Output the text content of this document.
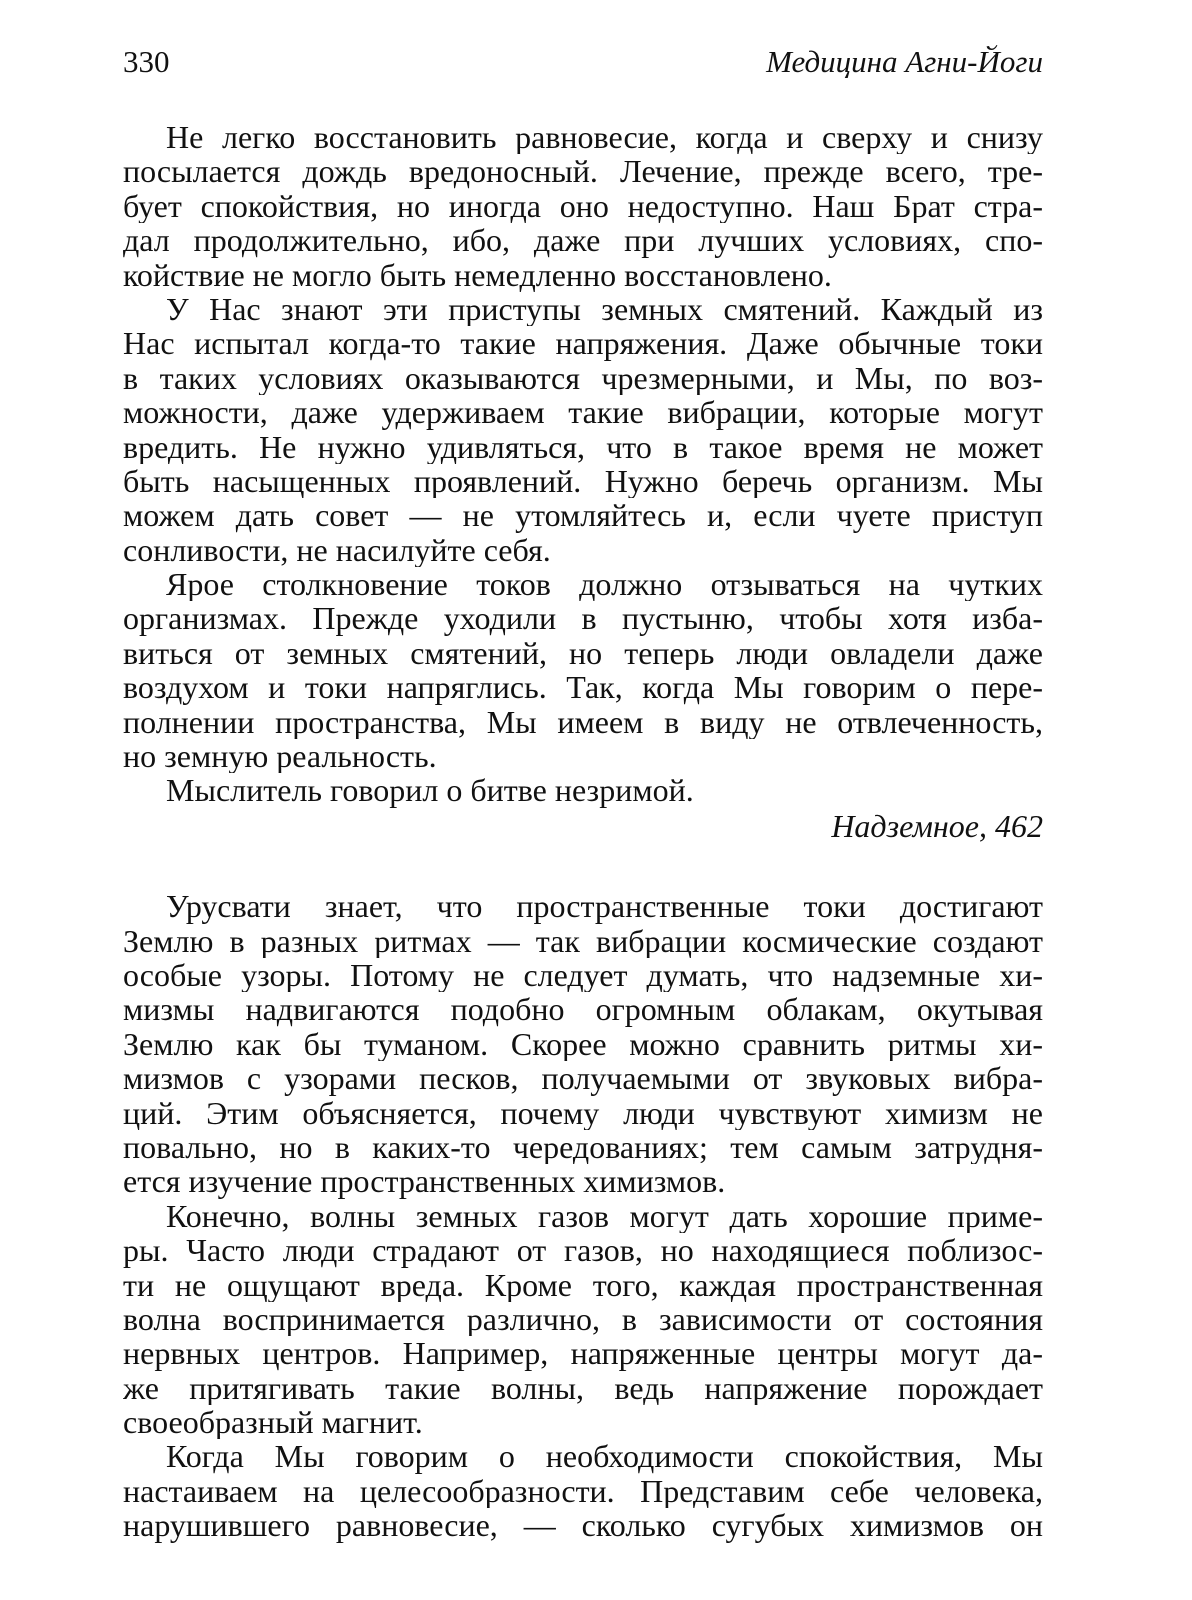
330	Медицина Агни-Йоги
Не легко восстановить равновесие, когда и сверху и снизу
посылается дождь вредоносный. Лечение, прежде всего, тре-
бует спокойствия, но иногда оно недоступно. Наш Брат стра-
дал продолжительно, ибо, даже при лучших условиях, спо-
койствие не могло быть немедленно восстановлено.
У Нас знают эти приступы земных смятений. Каждый из
Нас испытал когда-то такие напряжения. Даже обычные токи
в таких условиях оказываются чрезмерными, и Мы, по воз-
можности, даже удерживаем такие вибрации, которые могут
вредить. Не нужно удивляться, что в такое время не может
быть насыщенных проявлений. Нужно беречь организм. Мы
можем дать совет — не утомляйтесь и, если чуете приступ
сонливости, не насилуйте себя.
Ярое столкновение токов должно отзываться на чутких
организмах. Прежде уходили в пустыню, чтобы хотя изба-
виться от земных смятений, но теперь люди овладели даже
воздухом и токи напряглись. Так, когда Мы говорим о пере-
полнении пространства, Мы имеем в виду не отвлеченность,
но земную реальность.
Мыслитель говорил о битве незримой.
Надземное, 462
Урусвати знает, что пространственные токи достигают
Землю в разных ритмах — так вибрации космические создают
особые узоры. Потому не следует думать, что надземные хи-
мизмы надвигаются подобно огромным облакам, окутывая
Землю как бы туманом. Скорее можно сравнить ритмы хи-
мизмов с узорами песков, получаемыми от звуковых вибра-
ций. Этим объясняется, почему люди чувствуют химизм не
повально, но в каких-то чередованиях; тем самым затрудня-
ется изучение пространственных химизмов.
Конечно, волны земных газов могут дать хорошие приме-
ры. Часто люди страдают от газов, но находящиеся поблизос-
ти не ощущают вреда. Кроме того, каждая пространственная
волна воспринимается различно, в зависимости от состояния
нервных центров. Например, напряженные центры могут да-
же притягивать такие волны, ведь напряжение порождает
своеобразный магнит.
Когда Мы говорим о необходимости спокойствия, Мы
настаиваем на целесообразности. Представим себе человека,
нарушившего равновесие, — сколько сугубых химизмов он
